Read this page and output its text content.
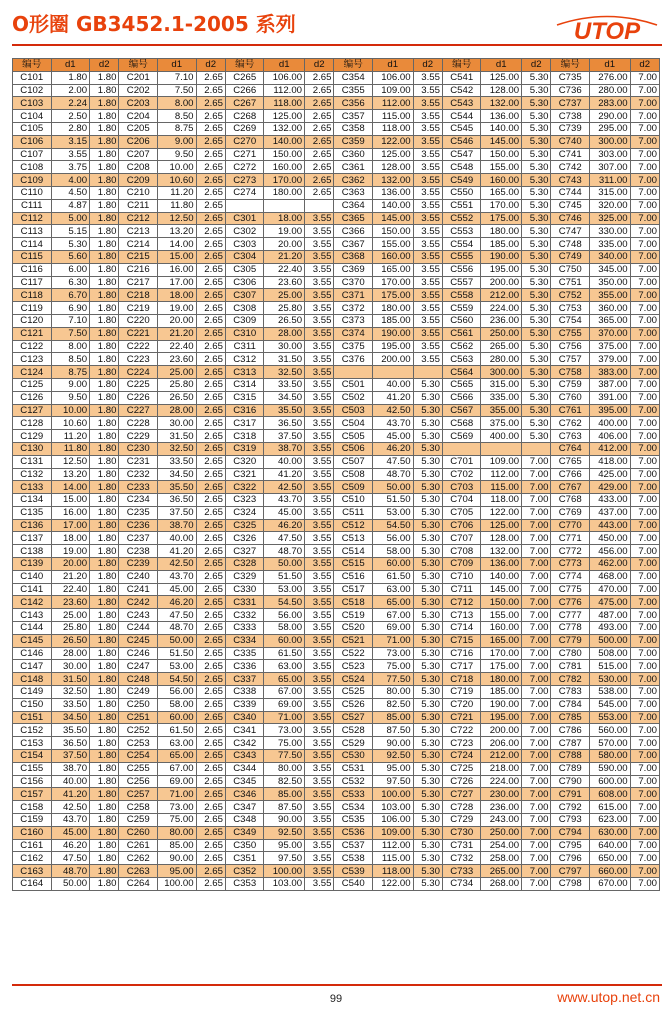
O形圈 GB3452.1-2005 系列	UTOP
编号	d1	d2	编号	d1	d2	编号	d1	d2	编号	d1	d2	编号	d1	d2	编号	d1	d2
C101	1.80	1.80	C201	7.10	2.65	C265	106.00	2.65	C354	106.00	3.55	C541	125.00	5.30	C735	276.00	7.00
C102	2.00	1.80	C202	7.50	2.65	C266	112.00	2.65	C355	109.00	3.55	C542	128.00	5.30	C736	280.00	7.00
C103	2.24	1.80	C203	8.00	2.65	C267	118.00	2.65	C356	112.00	3.55	C543	132.00	5.30	C737	283.00	7.00
C104	2.50	1.80	C204	8.50	2.65	C268	125.00	2.65	C357	115.00	3.55	C544	136.00	5.30	C738	290.00	7.00
C105	2.80	1.80	C205	8.75	2.65	C269	132.00	2.65	C358	118.00	3.55	C545	140.00	5.30	C739	295.00	7.00
C106	3.15	1.80	C206	9.00	2.65	C270	140.00	2.65	C359	122.00	3.55	C546	145.00	5.30	C740	300.00	7.00
C107	3.55	1.80	C207	9.50	2.65	C271	150.00	2.65	C360	125.00	3.55	C547	150.00	5.30	C741	303.00	7.00
C108	3.75	1.80	C208	10.00	2.65	C272	160.00	2.65	C361	128.00	3.55	C548	155.00	5.30	C742	307.00	7.00
C109	4.00	1.80	C209	10.60	2.65	C273	170.00	2.65	C362	132.00	3.55	C549	160.00	5.30	C743	311.00	7.00
C110	4.50	1.80	C210	11.20	2.65	C274	180.00	2.65	C363	136.00	3.55	C550	165.00	5.30	C744	315.00	7.00
C111	4.87	1.80	C211	11.80	2.65				C364	140.00	3.55	C551	170.00	5.30	C745	320.00	7.00
C112	5.00	1.80	C212	12.50	2.65	C301	18.00	3.55	C365	145.00	3.55	C552	175.00	5.30	C746	325.00	7.00
C113	5.15	1.80	C213	13.20	2.65	C302	19.00	3.55	C366	150.00	3.55	C553	180.00	5.30	C747	330.00	7.00
C114	5.30	1.80	C214	14.00	2.65	C303	20.00	3.55	C367	155.00	3.55	C554	185.00	5.30	C748	335.00	7.00
C115	5.60	1.80	C215	15.00	2.65	C304	21.20	3.55	C368	160.00	3.55	C555	190.00	5.30	C749	340.00	7.00
C116	6.00	1.80	C216	16.00	2.65	C305	22.40	3.55	C369	165.00	3.55	C556	195.00	5.30	C750	345.00	7.00
C117	6.30	1.80	C217	17.00	2.65	C306	23.60	3.55	C370	170.00	3.55	C557	200.00	5.30	C751	350.00	7.00
C118	6.70	1.80	C218	18.00	2.65	C307	25.00	3.55	C371	175.00	3.55	C558	212.00	5.30	C752	355.00	7.00
C119	6.90	1.80	C219	19.00	2.65	C308	25.80	3.55	C372	180.00	3.55	C559	224.00	5.30	C753	360.00	7.00
C120	7.10	1.80	C220	20.00	2.65	C309	26.50	3.55	C373	185.00	3.55	C560	236.00	5.30	C754	365.00	7.00
C121	7.50	1.80	C221	21.20	2.65	C310	28.00	3.55	C374	190.00	3.55	C561	250.00	5.30	C755	370.00	7.00
C122	8.00	1.80	C222	22.40	2.65	C311	30.00	3.55	C375	195.00	3.55	C562	265.00	5.30	C756	375.00	7.00
C123	8.50	1.80	C223	23.60	2.65	C312	31.50	3.55	C376	200.00	3.55	C563	280.00	5.30	C757	379.00	7.00
C124	8.75	1.80	C224	25.00	2.65	C313	32.50	3.55				C564	300.00	5.30	C758	383.00	7.00
C125	9.00	1.80	C225	25.80	2.65	C314	33.50	3.55	C501	40.00	5.30	C565	315.00	5.30	C759	387.00	7.00
C126	9.50	1.80	C226	26.50	2.65	C315	34.50	3.55	C502	41.20	5.30	C566	335.00	5.30	C760	391.00	7.00
C127	10.00	1.80	C227	28.00	2.65	C316	35.50	3.55	C503	42.50	5.30	C567	355.00	5.30	C761	395.00	7.00
C128	10.60	1.80	C228	30.00	2.65	C317	36.50	3.55	C504	43.70	5.30	C568	375.00	5.30	C762	400.00	7.00
C129	11.20	1.80	C229	31.50	2.65	C318	37.50	3.55	C505	45.00	5.30	C569	400.00	5.30	C763	406.00	7.00
C130	11.80	1.80	C230	32.50	2.65	C319	38.70	3.55	C506	46.20	5.30				C764	412.00	7.00
C131	12.50	1.80	C231	33.50	2.65	C320	40.00	3.55	C507	47.50	5.30	C701	109.00	7.00	C765	418.00	7.00
C132	13.20	1.80	C232	34.50	2.65	C321	41.20	3.55	C508	48.70	5.30	C702	112.00	7.00	C766	425.00	7.00
C133	14.00	1.80	C233	35.50	2.65	C322	42.50	3.55	C509	50.00	5.30	C703	115.00	7.00	C767	429.00	7.00
C134	15.00	1.80	C234	36.50	2.65	C323	43.70	3.55	C510	51.50	5.30	C704	118.00	7.00	C768	433.00	7.00
C135	16.00	1.80	C235	37.50	2.65	C324	45.00	3.55	C511	53.00	5.30	C705	122.00	7.00	C769	437.00	7.00
C136	17.00	1.80	C236	38.70	2.65	C325	46.20	3.55	C512	54.50	5.30	C706	125.00	7.00	C770	443.00	7.00
C137	18.00	1.80	C237	40.00	2.65	C326	47.50	3.55	C513	56.00	5.30	C707	128.00	7.00	C771	450.00	7.00
C138	19.00	1.80	C238	41.20	2.65	C327	48.70	3.55	C514	58.00	5.30	C708	132.00	7.00	C772	456.00	7.00
C139	20.00	1.80	C239	42.50	2.65	C328	50.00	3.55	C515	60.00	5.30	C709	136.00	7.00	C773	462.00	7.00
C140	21.20	1.80	C240	43.70	2.65	C329	51.50	3.55	C516	61.50	5.30	C710	140.00	7.00	C774	468.00	7.00
C141	22.40	1.80	C241	45.00	2.65	C330	53.00	3.55	C517	63.00	5.30	C711	145.00	7.00	C775	470.00	7.00
C142	23.60	1.80	C242	46.20	2.65	C331	54.50	3.55	C518	65.00	5.30	C712	150.00	7.00	C776	475.00	7.00
C143	25.00	1.80	C243	47.50	2.65	C332	56.00	3.55	C519	67.00	5.30	C713	155.00	7.00	C777	487.00	7.00
C144	25.80	1.80	C244	48.70	2.65	C333	58.00	3.55	C520	69.00	5.30	C714	160.00	7.00	C778	493.00	7.00
C145	26.50	1.80	C245	50.00	2.65	C334	60.00	3.55	C521	71.00	5.30	C715	165.00	7.00	C779	500.00	7.00
C146	28.00	1.80	C246	51.50	2.65	C335	61.50	3.55	C522	73.00	5.30	C716	170.00	7.00	C780	508.00	7.00
C147	30.00	1.80	C247	53.00	2.65	C336	63.00	3.55	C523	75.00	5.30	C717	175.00	7.00	C781	515.00	7.00
C148	31.50	1.80	C248	54.50	2.65	C337	65.00	3.55	C524	77.50	5.30	C718	180.00	7.00	C782	530.00	7.00
C149	32.50	1.80	C249	56.00	2.65	C338	67.00	3.55	C525	80.00	5.30	C719	185.00	7.00	C783	538.00	7.00
C150	33.50	1.80	C250	58.00	2.65	C339	69.00	3.55	C526	82.50	5.30	C720	190.00	7.00	C784	545.00	7.00
C151	34.50	1.80	C251	60.00	2.65	C340	71.00	3.55	C527	85.00	5.30	C721	195.00	7.00	C785	553.00	7.00
C152	35.50	1.80	C252	61.50	2.65	C341	73.00	3.55	C528	87.50	5.30	C722	200.00	7.00	C786	560.00	7.00
C153	36.50	1.80	C253	63.00	2.65	C342	75.00	3.55	C529	90.00	5.30	C723	206.00	7.00	C787	570.00	7.00
C154	37.50	1.80	C254	65.00	2.65	C343	77.50	3.55	C530	92.50	5.30	C724	212.00	7.00	C788	580.00	7.00
C155	38.70	1.80	C255	67.00	2.65	C344	80.00	3.55	C531	95.00	5.30	C725	218.00	7.00	C789	590.00	7.00
C156	40.00	1.80	C256	69.00	2.65	C345	82.50	3.55	C532	97.50	5.30	C726	224.00	7.00	C790	600.00	7.00
C157	41.20	1.80	C257	71.00	2.65	C346	85.00	3.55	C533	100.00	5.30	C727	230.00	7.00	C791	608.00	7.00
C158	42.50	1.80	C258	73.00	2.65	C347	87.50	3.55	C534	103.00	5.30	C728	236.00	7.00	C792	615.00	7.00
C159	43.70	1.80	C259	75.00	2.65	C348	90.00	3.55	C535	106.00	5.30	C729	243.00	7.00	C793	623.00	7.00
C160	45.00	1.80	C260	80.00	2.65	C349	92.50	3.55	C536	109.00	5.30	C730	250.00	7.00	C794	630.00	7.00
C161	46.20	1.80	C261	85.00	2.65	C350	95.00	3.55	C537	112.00	5.30	C731	254.00	7.00	C795	640.00	7.00
C162	47.50	1.80	C262	90.00	2.65	C351	97.50	3.55	C538	115.00	5.30	C732	258.00	7.00	C796	650.00	7.00
C163	48.70	1.80	C263	95.00	2.65	C352	100.00	3.55	C539	118.00	5.30	C733	265.00	7.00	C797	660.00	7.00
C164	50.00	1.80	C264	100.00	2.65	C353	103.00	3.55	C540	122.00	5.30	C734	268.00	7.00	C798	670.00	7.00
99	www.utop.net.cn
